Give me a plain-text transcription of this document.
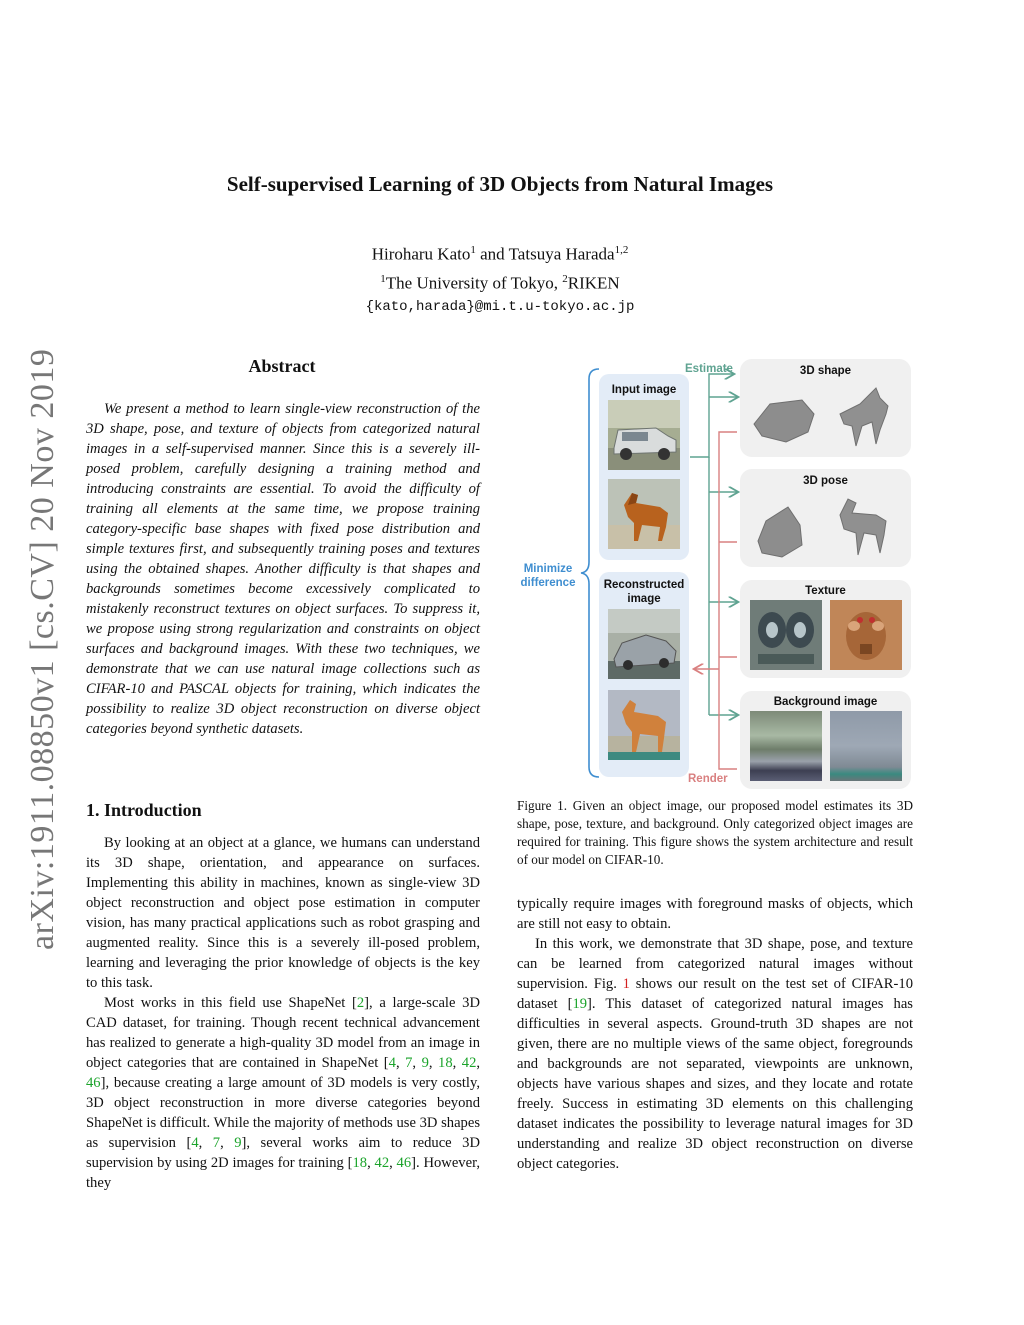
arXiv:1911.08850v1 [cs.CV] 20 Nov 2019
Self-supervised Learning of 3D Objects from Natural Images
Hiroharu Kato$^1$ and Tatsuya Harada$^{1,2}$
$^1$The University of Tokyo, $^2$RIKEN
{kato,harada}@mi.t.u-tokyo.ac.jp
Abstract

We present a method to learn single-view reconstruction of the 3D shape, pose, and texture of objects from categorized natural images in a self-supervised manner. Since this is a severely ill-posed problem, carefully designing a training method and introducing constraints are essential. To avoid the difficulty of training all elements at the same time, we propose training category-specific base shapes with fixed pose distribution and simple textures first, and subsequently training poses and textures using the obtained shapes. Another difficulty is that shapes and backgrounds sometimes become excessively complicated to mistakenly reconstruct textures on object surfaces. To suppress it, we propose using strong regularization and constraints on object surfaces and background images. With these two techniques, we demonstrate that we can use natural image collections such as CIFAR-10 and PASCAL objects for training, which indicates the possibility to realize 3D object reconstruction on diverse object categories beyond synthetic datasets.

1. Introduction

By looking at an object at a glance, we humans can understand its 3D shape, orientation, and appearance on surfaces. Implementing this ability in machines, known as single-view 3D object reconstruction and object pose estimation in computer vision, has many practical applications such as robot grasping and augmented reality. Since this is a severely ill-posed problem, learning and leveraging the prior knowledge of objects is the key to this task.

Most works in this field use ShapeNet [2], a large-scale 3D CAD dataset, for training. Though recent technical advancement has realized to generate a high-quality 3D model from an image in object categories that are contained in ShapeNet [4, 7, 9, 18, 42, 46], because creating a large amount of 3D models is very costly, 3D object reconstruction in more diverse categories beyond ShapeNet is difficult. While the majority of methods use 3D shapes as supervision [4, 7, 9], several works aim to reduce 3D supervision by using 2D images for training [18, 42, 46]. However, they

Estimate
Render
Minimize
difference
Input image
Reconstructed
image
3D shape
3D pose
Texture
Background image
Figure 1. Given an object image, our proposed model estimates its 3D shape, pose, texture, and background. Only categorized object images are required for training. This figure shows the system architecture and result of our model on CIFAR-10.

typically require images with foreground masks of objects, which are still not easy to obtain.

In this work, we demonstrate that 3D shape, pose, and texture can be learned from categorized natural images without supervision. Fig. 1 shows our result on the test set of CIFAR-10 dataset [19]. This dataset of categorized natural images has difficulties in several aspects. Ground-truth 3D shapes are not given, there are no multiple views of the same object, foregrounds and backgrounds are not separated, viewpoints are unknown, objects have various shapes and sizes, and they locate and rotate freely. Success in estimating 3D elements on this challenging dataset indicates the possibility to leverage natural images for 3D understanding and realize 3D object reconstruction on diverse object categories.
